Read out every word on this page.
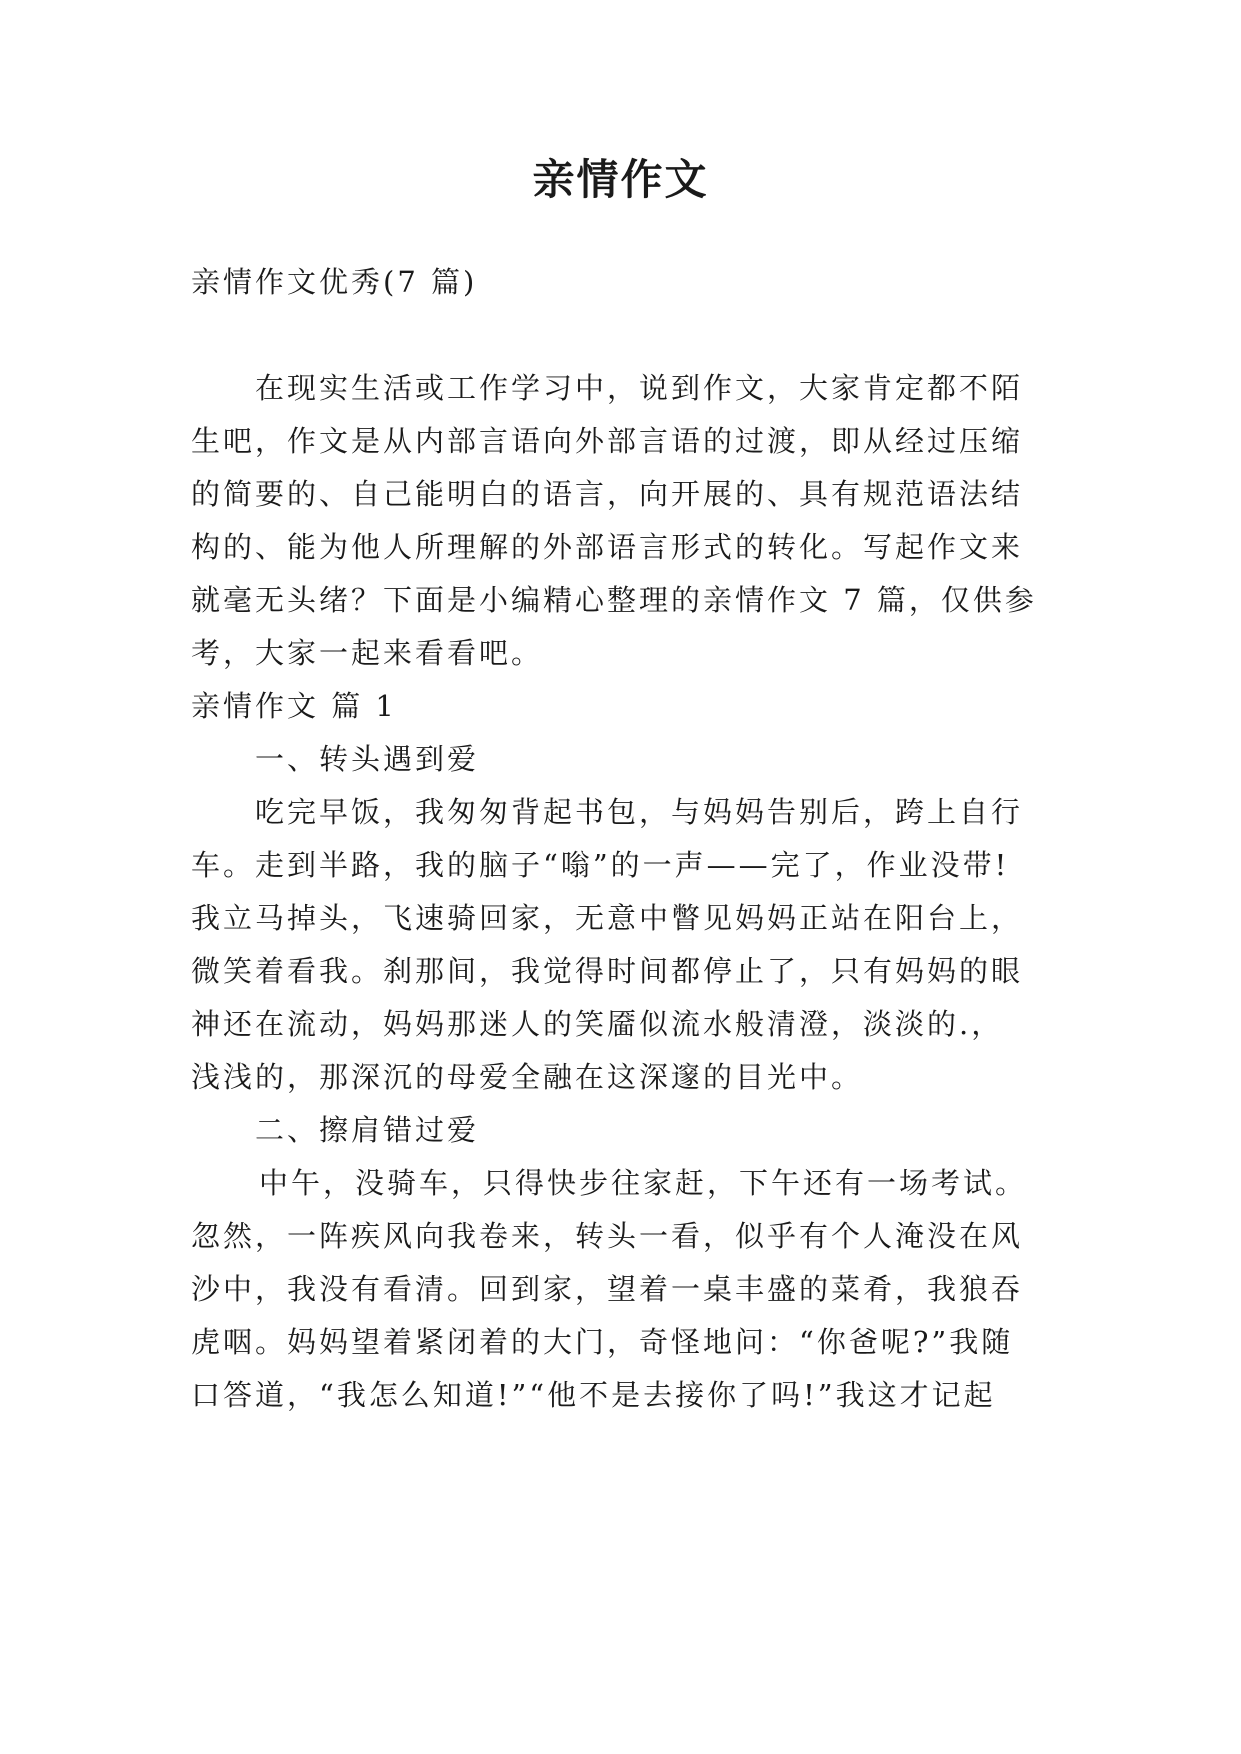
亲情作文
亲情作文优秀(7 篇)
在现实生活或工作学习中，说到作文，大家肯定都不陌
生吧，作文是从内部言语向外部言语的过渡，即从经过压缩
的简要的、自己能明白的语言，向开展的、具有规范语法结
构的、能为他人所理解的外部语言形式的转化。写起作文来
就毫无头绪？下面是小编精心整理的亲情作文 7 篇，仅供参
考，大家一起来看看吧。
亲情作文 篇 1
一、转头遇到爱
吃完早饭，我匆匆背起书包，与妈妈告别后，跨上自行
车。走到半路，我的脑子“嗡”的一声——完了，作业没带!
我立马掉头，飞速骑回家，无意中瞥见妈妈正站在阳台上，
微笑着看我。刹那间，我觉得时间都停止了，只有妈妈的眼
神还在流动，妈妈那迷人的笑靥似流水般清澄，淡淡的.，
浅浅的，那深沉的母爱全融在这深邃的目光中。
二、擦肩错过爱
中午，没骑车，只得快步往家赶，下午还有一场考试。
忽然，一阵疾风向我卷来，转头一看，似乎有个人淹没在风
沙中，我没有看清。回到家，望着一桌丰盛的菜肴，我狼吞
虎咽。妈妈望着紧闭着的大门，奇怪地问：“你爸呢?”我随
口答道，“我怎么知道!”“他不是去接你了吗!”我这才记起
